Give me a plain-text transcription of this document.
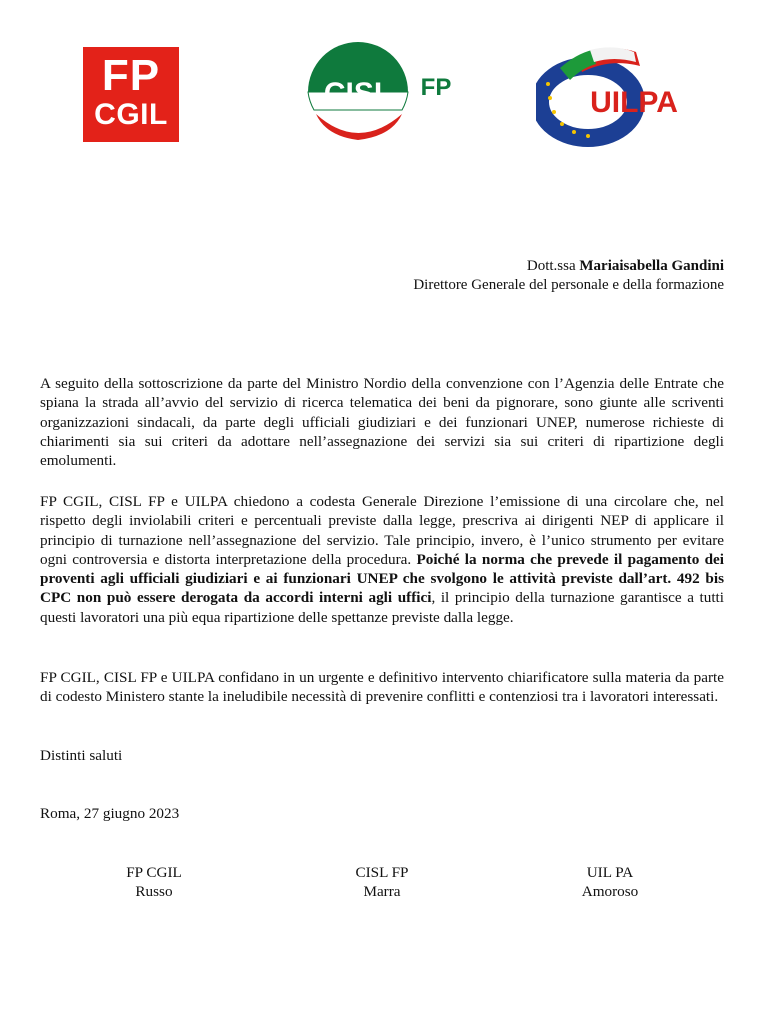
FP
CGIL
CISL FP	UILPA
Dott.ssa Mariaisabella Gandini
Direttore Generale del personale e della formazione
A seguito della sottoscrizione da parte del Ministro Nordio della convenzione con l’Agenzia delle Entrate che spiana la strada all’avvio del servizio di ricerca telematica dei beni da pignorare, sono giunte alle scriventi organizzazioni sindacali, da parte degli ufficiali giudiziari e dei funzionari UNEP, numerose richieste di chiarimenti sia sui criteri da adottare nell’assegnazione dei servizi sia sui criteri di ripartizione degli emolumenti.
FP CGIL, CISL FP e UILPA chiedono a codesta Generale Direzione l’emissione di una circolare che, nel rispetto degli inviolabili criteri e percentuali previste dalla legge, prescriva ai dirigenti NEP di applicare il principio di turnazione nell’assegnazione del servizio. Tale principio, invero, è l’unico strumento per evitare ogni controversia e distorta interpretazione della procedura. Poiché la norma che prevede il pagamento dei proventi agli ufficiali giudiziari e ai funzionari UNEP che svolgono le attività previste dall’art. 492 bis CPC non può essere derogata da accordi interni agli uffici, il principio della turnazione garantisce a tutti questi lavoratori una più equa ripartizione delle spettanze previste dalla legge.
FP CGIL, CISL FP e UILPA confidano in un urgente e definitivo intervento chiarificatore sulla materia da parte di codesto Ministero stante la ineludibile necessità di prevenire conflitti e contenziosi tra i lavoratori interessati.
Distinti saluti
Roma, 27 giugno 2023
FP CGIL
Russo
CISL FP
Marra
UIL PA
Amoroso
